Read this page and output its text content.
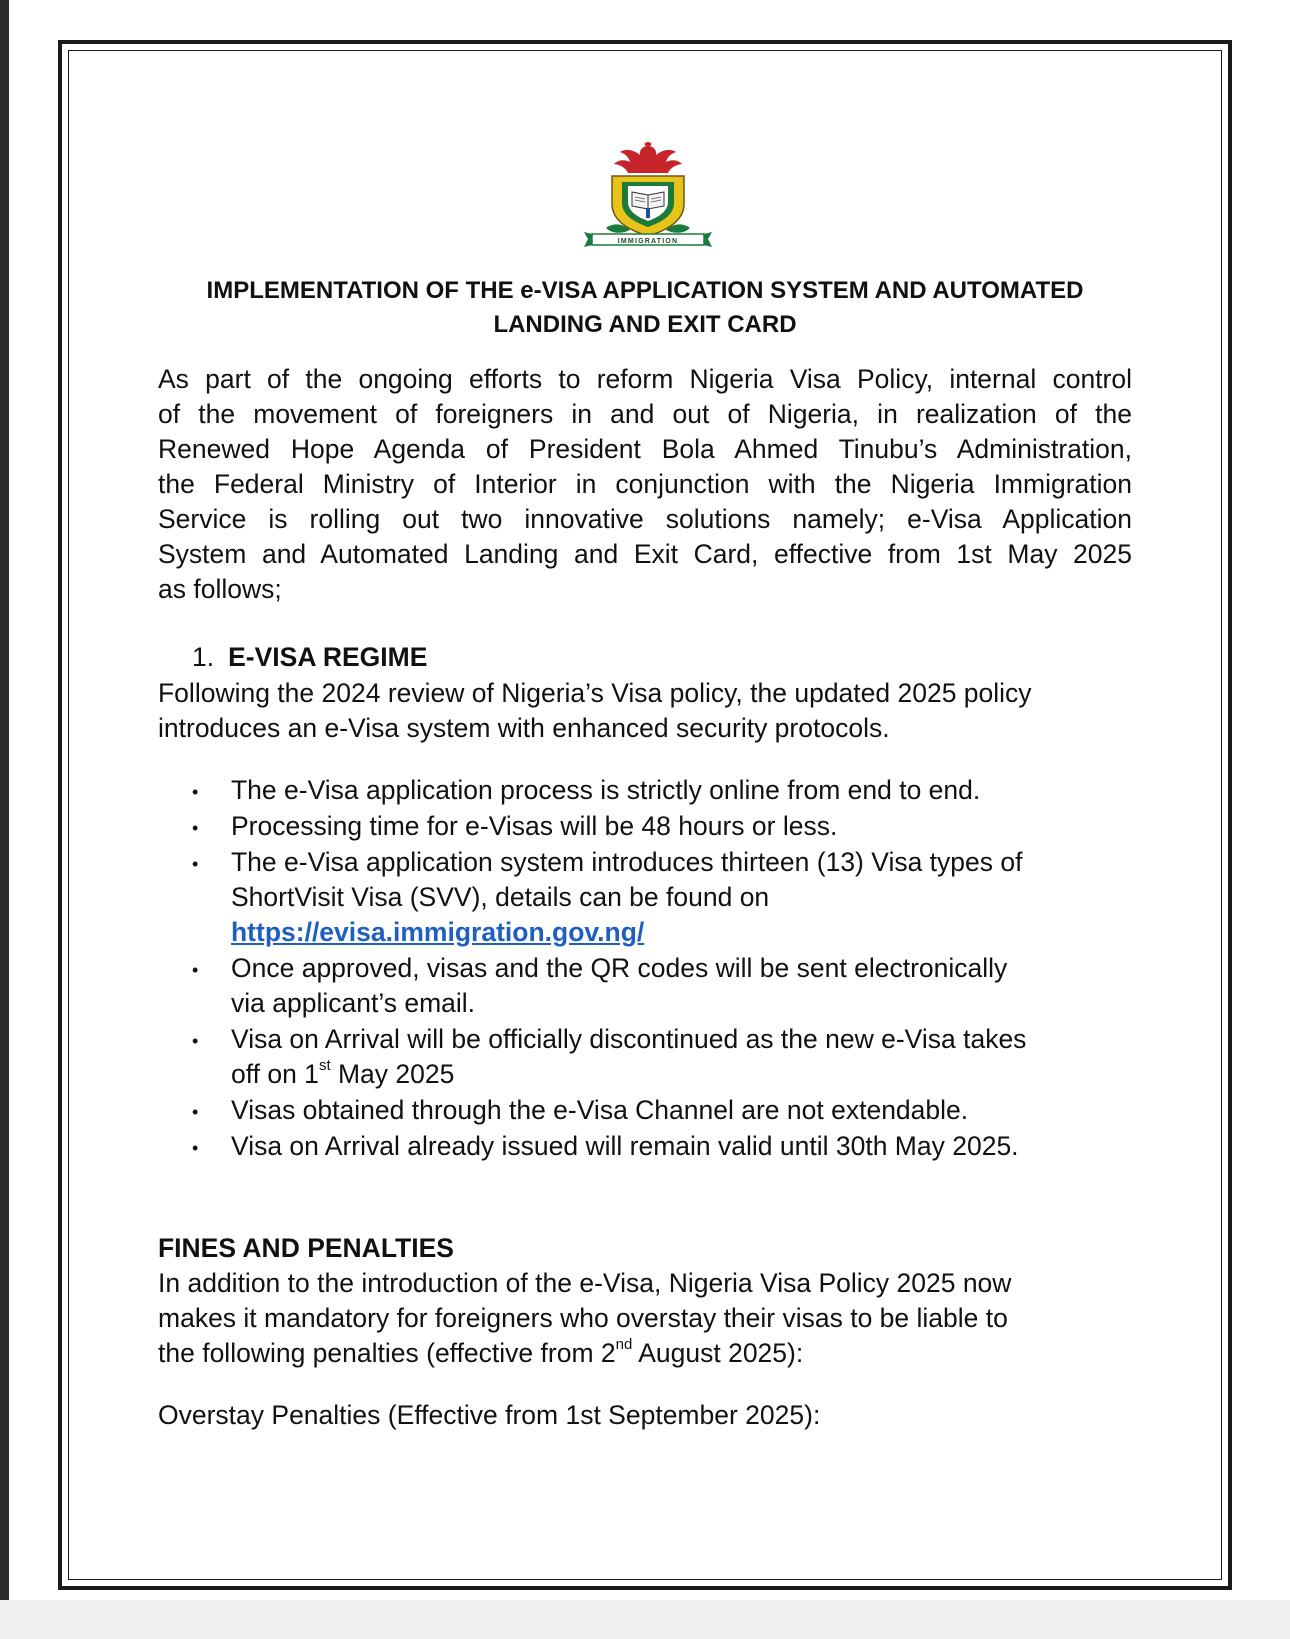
IMMIGRATION
IMPLEMENTATION OF THE e-VISA APPLICATION SYSTEM AND AUTOMATED
LANDING AND EXIT CARD
As part of the ongoing efforts to reform Nigeria Visa Policy, internal control
of the movement of foreigners in and out of Nigeria, in realization of the
Renewed Hope Agenda of President Bola Ahmed Tinubu’s Administration,
the Federal Ministry of Interior in conjunction with the Nigeria Immigration
Service is rolling out two innovative solutions namely; e-Visa Application
System and Automated Landing and Exit Card, effective from 1st May 2025
as follows;
1. E-VISA REGIME
Following the 2024 review of Nigeria’s Visa policy, the updated 2025 policy
introduces an e-Visa system with enhanced security protocols.
• The e-Visa application process is strictly online from end to end.
• Processing time for e-Visas will be 48 hours or less.
• The e-Visa application system introduces thirteen (13) Visa types of
ShortVisit Visa (SVV), details can be found on
https://evisa.immigration.gov.ng/
• Once approved, visas and the QR codes will be sent electronically
via applicant’s email.
• Visa on Arrival will be officially discontinued as the new e-Visa takes
off on 1st May 2025
• Visas obtained through the e-Visa Channel are not extendable.
• Visa on Arrival already issued will remain valid until 30th May 2025.
FINES AND PENALTIES
In addition to the introduction of the e-Visa, Nigeria Visa Policy 2025 now
makes it mandatory for foreigners who overstay their visas to be liable to
the following penalties (effective from 2nd August 2025):
Overstay Penalties (Effective from 1st September 2025):
